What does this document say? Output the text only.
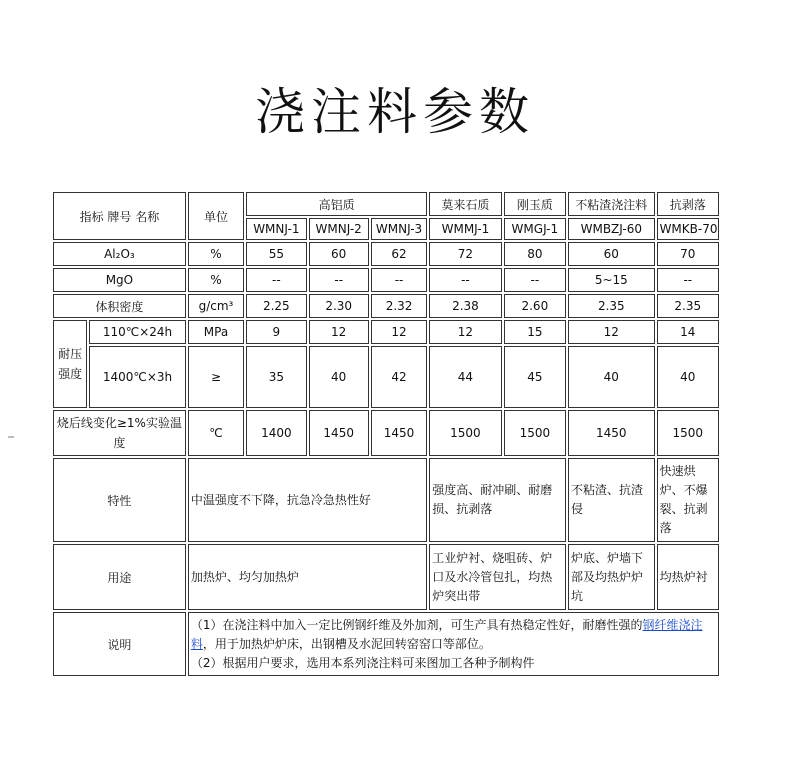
浇注料参数
指标 牌号 名称		单位	高铝质			莫来石质	刚玉质	不粘渣浇注料	抗剥落
			WMNJ-1	WMNJ-2	WMNJ-3	WMMJ-1	WMGJ-1	WMBZJ-60	WMKB-70
Al₂O₃		%	55	60	62	72	80	60	70
MgO		%	--	--	--	--	--	5~15	--
体积密度		g/cm³	2.25	2.30	2.32	2.38	2.60	2.35	2.35
耐压强度	110℃×24h	MPa	9	12	12	12	15	12	14
	1400℃×3h	≥	35	40	42	44	45	40	40
烧后线变化≥1%实验温度		℃	1400	1450	1450	1500	1500	1450	1500
特性		中温强度不下降，抗急冷急热性好				强度高、耐冲刷、耐磨损、抗剥落		不粘渣、抗渣侵	快速烘炉、不爆裂、抗剥落
用途		加热炉、均匀加热炉				工业炉衬、烧咀砖、炉口及水冷管包扎，均热炉突出带		炉底、炉墙下部及均热炉炉坑	均热炉衬
说明		（1）在浇注料中加入一定比例钢纤维及外加剂，可生产具有热稳定性好，耐磨性强的钢纤维浇注料，用于加热炉炉床，出钢槽及水泥回转窑窑口等部位。
（2）根据用户要求，选用本系列浇注料可来图加工各种予制构件							
